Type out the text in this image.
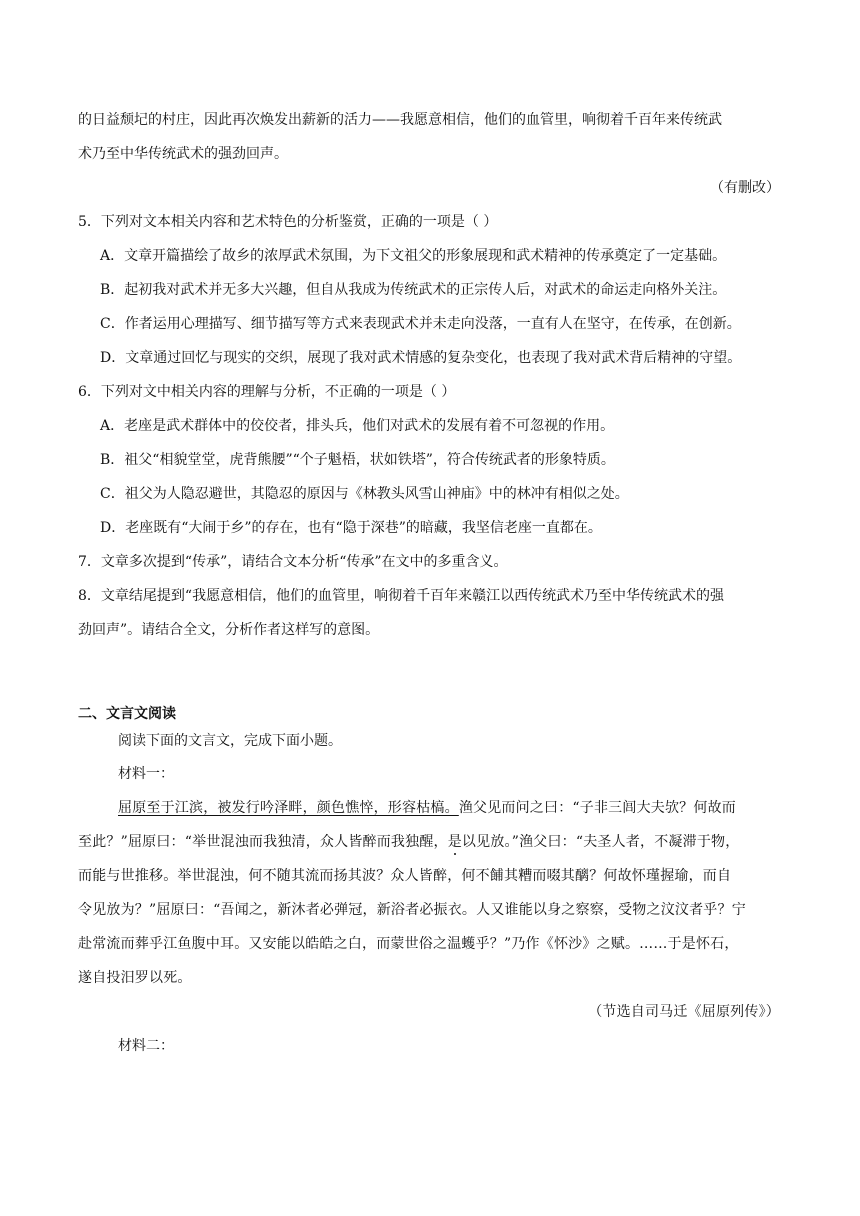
的日益颓圮的村庄，因此再次焕发出薪新的活力——我愿意相信，他们的血管里，响彻着千百年来传统武
术乃至中华传统武术的强劲回声。
（有删改）
5．下列对文本相关内容和艺术特色的分析鉴赏，正确的一项是（ ）
A．文章开篇描绘了故乡的浓厚武术氛围，为下文祖父的形象展现和武术精神的传承奠定了一定基础。
B．起初我对武术并无多大兴趣，但自从我成为传统武术的正宗传人后，对武术的命运走向格外关注。
C．作者运用心理描写、细节描写等方式来表现武术并未走向没落，一直有人在坚守，在传承，在创新。
D．文章通过回忆与现实的交织，展现了我对武术情感的复杂变化，也表现了我对武术背后精神的守望。
6．下列对文中相关内容的理解与分析，不正确的一项是（ ）
A．老座是武术群体中的佼佼者，排头兵，他们对武术的发展有着不可忽视的作用。
B．祖父“相貌堂堂，虎背熊腰”“个子魁梧，状如铁塔”，符合传统武者的形象特质。
C．祖父为人隐忍避世，其隐忍的原因与《林教头风雪山神庙》中的林冲有相似之处。
D．老座既有“大闹于乡”的存在，也有“隐于深巷”的暗藏，我坚信老座一直都在。
7．文章多次提到“传承”，请结合文本分析“传承”在文中的多重含义。
8．文章结尾提到“我愿意相信，他们的血管里，响彻着千百年来赣江以西传统武术乃至中华传统武术的强
劲回声”。请结合全文，分析作者这样写的意图。
二、文言文阅读
阅读下面的文言文，完成下面小题。
材料一：
屈原至于江滨，被发行吟泽畔，颜色憔悴，形容枯槁。渔父见而问之曰：“子非三闾大夫欤？何故而
至此？”屈原曰：“举世混浊而我独清，众人皆醉而我独醒，是以见放。”渔父曰：“夫圣人者，不凝滞于物，
而能与世推移。举世混浊，何不随其流而扬其波？众人皆醉，何不餔其糟而啜其醨？何故怀瑾握瑜，而自
令见放为？”屈原曰：“吾闻之，新沐者必弹冠，新浴者必振衣。人又谁能以身之察察，受物之汶汶者乎？宁
赴常流而葬乎江鱼腹中耳。又安能以皓皓之白，而蒙世俗之温蠖乎？”乃作《怀沙》之赋。……于是怀石，
遂自投汨罗以死。
（节选自司马迁《屈原列传》）
材料二：
